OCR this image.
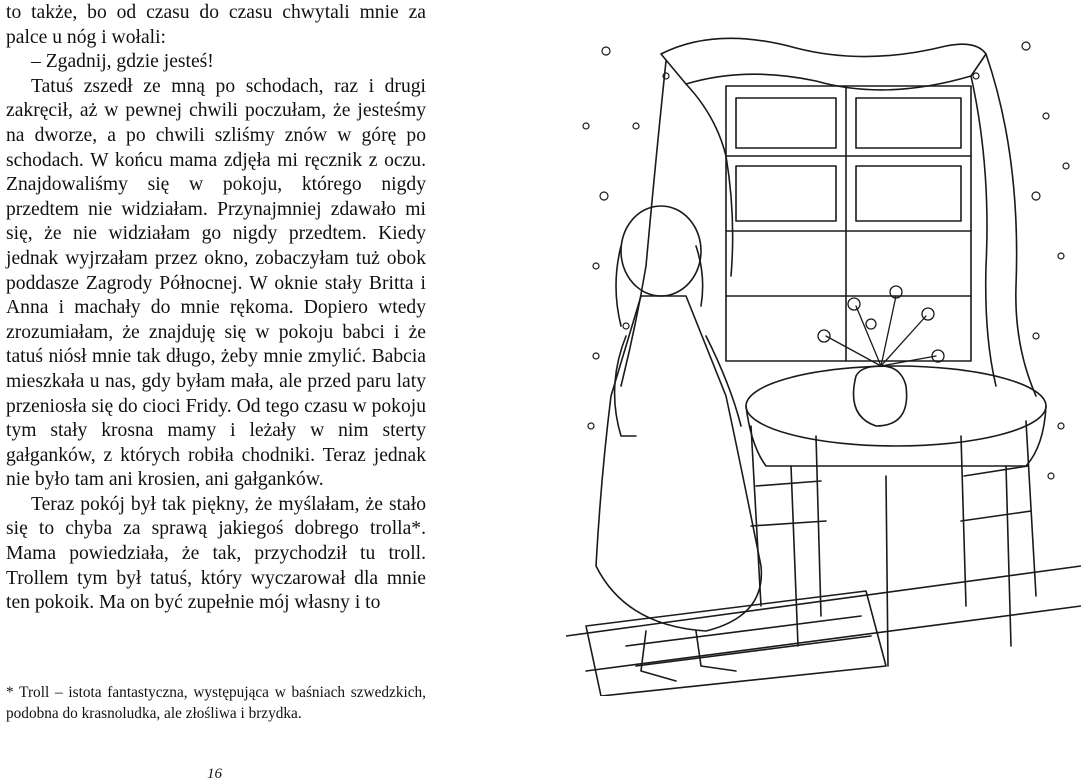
to także, bo od czasu do czasu chwytali mnie za palce u nóg i wołali:

– Zgadnij, gdzie jesteś!

Tatuś zszedł ze mną po schodach, raz i drugi zakręcił, aż w pewnej chwili poczułam, że jesteśmy na dworze, a po chwili szliśmy znów w górę po schodach. W końcu mama zdjęła mi ręcznik z oczu. Znajdowaliśmy się w pokoju, którego nigdy przedtem nie widziałam. Przynajmniej zdawało mi się, że nie widziałam go nigdy przedtem. Kiedy jednak wyjrzałam przez okno, zobaczyłam tuż obok poddasze Zagrody Północnej. W oknie stały Britta i Anna i machały do mnie rękoma. Dopiero wtedy zrozumiałam, że znajduję się w pokoju babci i że tatuś niósł mnie tak długo, żeby mnie zmylić. Babcia mieszkała u nas, gdy byłam mała, ale przed paru laty przeniosła się do cioci Fridy. Od tego czasu w pokoju tym stały krosna mamy i leżały w nim sterty gałganków, z których robiła chodniki. Teraz jednak nie było tam ani krosien, ani gałganków.

Teraz pokój był tak piękny, że myślałam, że stało się to chyba za sprawą jakiegoś dobrego trolla*. Mama powiedziała, że tak, przychodził tu troll. Trollem tym był tatuś, który wyczarował dla mnie ten pokoik. Ma on być zupełnie mój własny i to

* Troll – istota fantastyczna, występująca w baśniach szwedzkich, podobna do krasnoludka, ale złośliwa i brzydka.

16
